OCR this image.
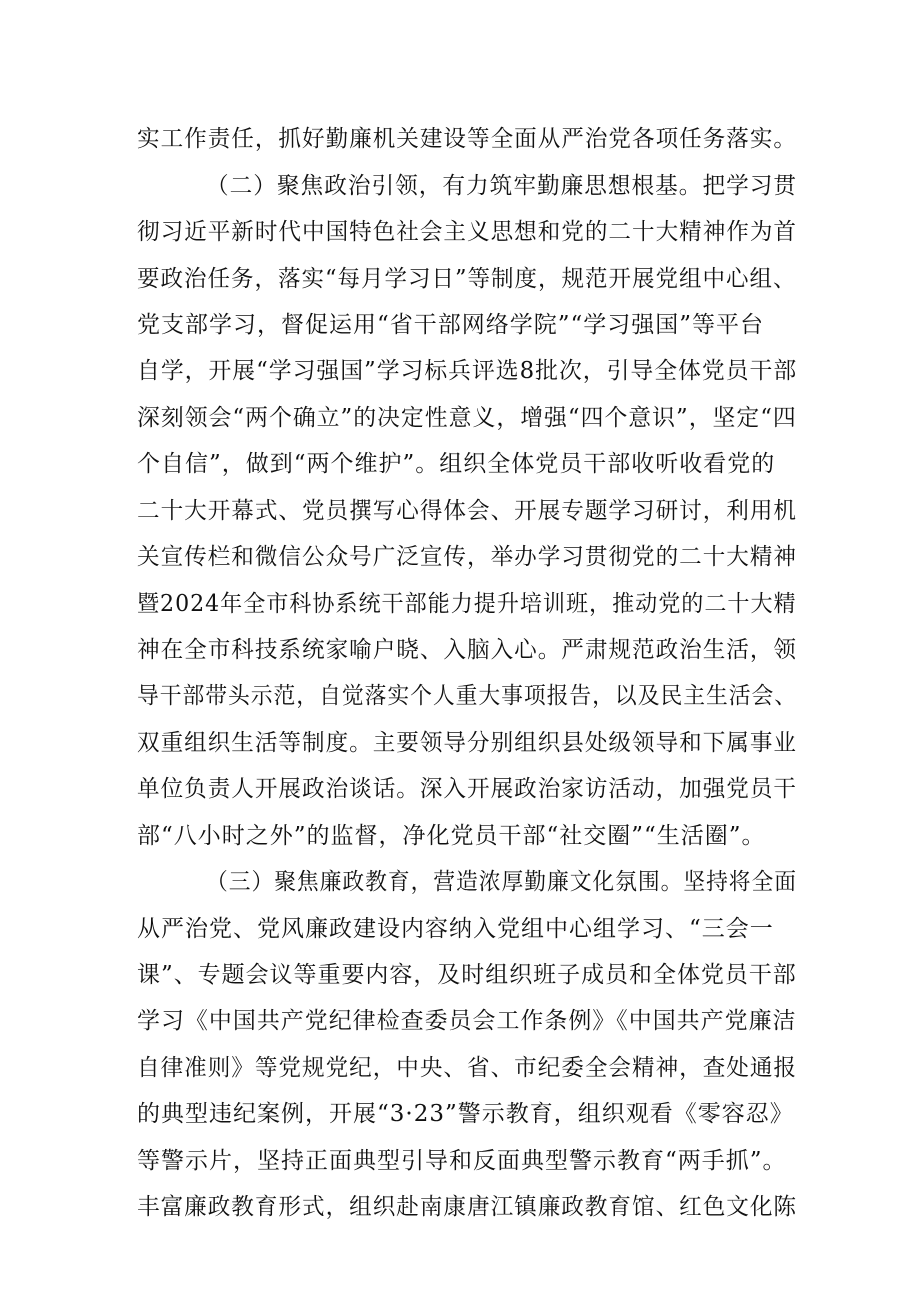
实工作责任，抓好勤廉机关建设等全面从严治党各项任务落实。
（二）聚焦政治引领，有力筑牢勤廉思想根基。把学习贯
彻习近平新时代中国特色社会主义思想和党的二十大精神作为首
要政治任务，落实“每月学习日”等制度，规范开展党组中心组、
党支部学习，督促运用“省干部网络学院”“学习强国”等平台
自学，开展“学习强国”学习标兵评选8批次，引导全体党员干部
深刻领会“两个确立”的决定性意义，增强“四个意识”，坚定“四
个自信”，做到“两个维护”。组织全体党员干部收听收看党的
二十大开幕式、党员撰写心得体会、开展专题学习研讨，利用机
关宣传栏和微信公众号广泛宣传，举办学习贯彻党的二十大精神
暨2024年全市科协系统干部能力提升培训班，推动党的二十大精
神在全市科技系统家喻户晓、入脑入心。严肃规范政治生活，领
导干部带头示范，自觉落实个人重大事项报告，以及民主生活会、
双重组织生活等制度。主要领导分别组织县处级领导和下属事业
单位负责人开展政治谈话。深入开展政治家访活动，加强党员干
部“八小时之外”的监督，净化党员干部“社交圈”“生活圈”。
（三）聚焦廉政教育，营造浓厚勤廉文化氛围。坚持将全面
从严治党、党风廉政建设内容纳入党组中心组学习、“三会一
课”、专题会议等重要内容，及时组织班子成员和全体党员干部
学习《中国共产党纪律检查委员会工作条例》《中国共产党廉洁
自律准则》等党规党纪，中央、省、市纪委全会精神，查处通报
的典型违纪案例，开展“3·23”警示教育，组织观看《零容忍》
等警示片，坚持正面典型引导和反面典型警示教育“两手抓”。
丰富廉政教育形式，组织赴南康唐江镇廉政教育馆、红色文化陈
